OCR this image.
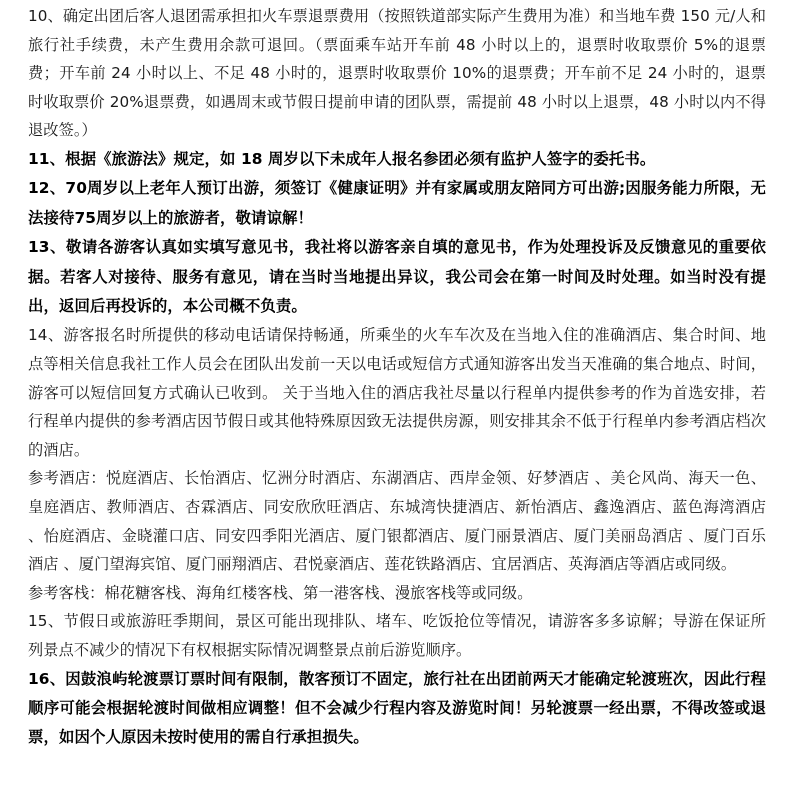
10、确定出团后客人退团需承担扣火车票退票费用（按照铁道部实际产生费用为准）和当地车费 150 元/人和旅行社手续费，未产生费用余款可退回。（票面乘车站开车前 48 小时以上的，退票时收取票价 5%的退票费；开车前 24 小时以上、不足 48 小时的，退票时收取票价 10%的退票费；开车前不足 24 小时的，退票时收取票价 20%退票费，如遇周末或节假日提前申请的团队票，需提前 48 小时以上退票，48 小时以内不得退改签。）

11、根据《旅游法》规定，如 18 周岁以下未成年人报名参团必须有监护人签字的委托书。

12、70周岁以上老年人预订出游，须签订《健康证明》并有家属或朋友陪同方可出游;因服务能力所限，无法接待75周岁以上的旅游者，敬请谅解！

13、敬请各游客认真如实填写意见书，我社将以游客亲自填的意见书，作为处理投诉及反馈意见的重要依据。若客人对接待、服务有意见，请在当时当地提出异议，我公司会在第一时间及时处理。如当时没有提出，返回后再投诉的，本公司概不负责。

14、游客报名时所提供的移动电话请保持畅通，所乘坐的火车车次及在当地入住的准确酒店、集合时间、地点等相关信息我社工作人员会在团队出发前一天以电话或短信方式通知游客出发当天准确的集合地点、时间，游客可以短信回复方式确认已收到。 关于当地入住的酒店我社尽量以行程单内提供参考的作为首选安排，若行程单内提供的参考酒店因节假日或其他特殊原因致无法提供房源，则安排其余不低于行程单内参考酒店档次的酒店。

参考酒店：悦庭酒店、长怡酒店、忆洲分时酒店、东湖酒店、西岸金领、好梦酒店 、美仑风尚、海天一色、皇庭酒店、教师酒店、杏霖酒店、同安欣欣旺酒店、东城湾快捷酒店、新怡酒店、鑫逸酒店、蓝色海湾酒店 、怡庭酒店、金晓灌口店、同安四季阳光酒店、厦门银都酒店、厦门丽景酒店、厦门美丽岛酒店 、厦门百乐酒店 、厦门望海宾馆、厦门丽翔酒店、君悦豪酒店、莲花铁路酒店、宜居酒店、英海酒店等酒店或同级。

参考客栈：棉花糖客栈、海角红楼客栈、第一港客栈、漫旅客栈等或同级。

15、节假日或旅游旺季期间，景区可能出现排队、堵车、吃饭抢位等情况，请游客多多谅解；导游在保证所列景点不减少的情况下有权根据实际情况调整景点前后游览顺序。

16、因鼓浪屿轮渡票订票时间有限制，散客预订不固定，旅行社在出团前两天才能确定轮渡班次，因此行程顺序可能会根据轮渡时间做相应调整！但不会减少行程内容及游览时间！另轮渡票一经出票，不得改签或退票，如因个人原因未按时使用的需自行承担损失。
